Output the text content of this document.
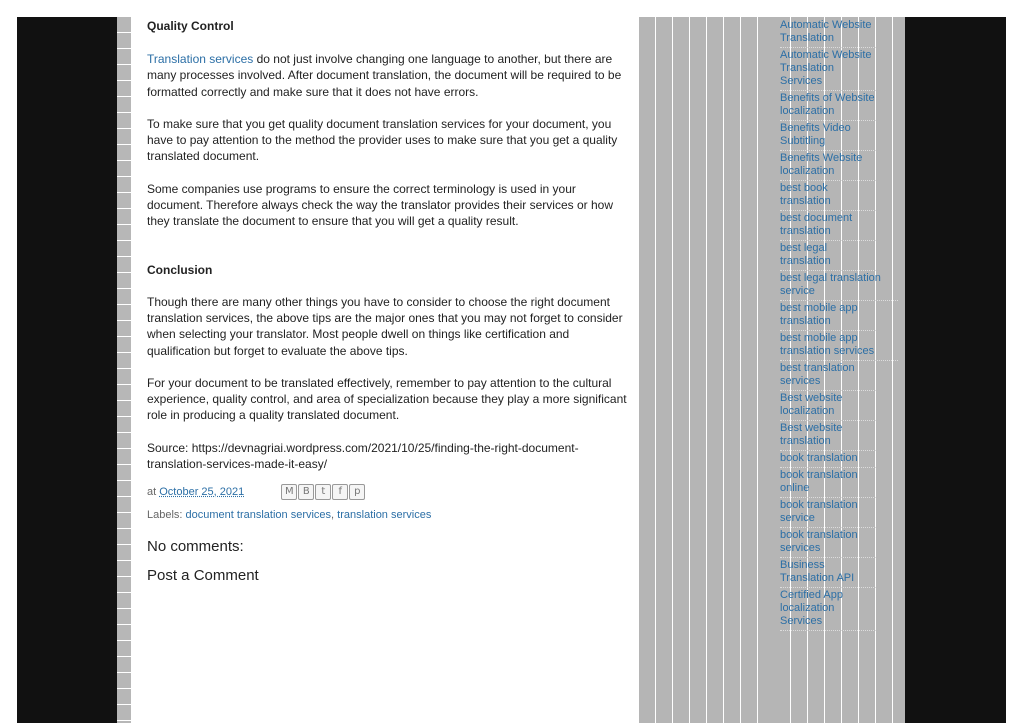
Quality Control

Translation services do not just involve changing one language to another, but there are many processes involved. After document translation, the document will be required to be formatted correctly and make sure that it does not have errors.

To make sure that you get quality document translation services for your document, you have to pay attention to the method the provider uses to make sure that you get a quality translated document.

Some companies use programs to ensure the correct terminology is used in your document. Therefore always check the way the translator provides their services or how they translate the document to ensure that you will get a quality result.

Conclusion

Though there are many other things you have to consider to choose the right document translation services, the above tips are the major ones that you may not forget to consider when selecting your translator. Most people dwell on things like certification and qualification but forget to evaluate the above tips.

For your document to be translated effectively, remember to pay attention to the cultural experience, quality control, and area of specialization because they play a more significant role in producing a quality translated document.

Source: https://devnagriai.wordpress.com/2021/10/25/finding-the-right-document-translation-services-made-it-easy/

at October 25, 2021	M B	t	f	p
Labels: document translation services, translation services
No comments:
Post a Comment
Automatic Website Translation
Automatic Website Translation Services
Benefits of Website localization
Benefits Video Subtitling
Benefits Website localization
best book translation
best document translation
best legal translation
best legal translation service
best mobile app translation
best mobile app translation services
best translation services
Best website localization
Best website translation
book translation
book translation online
book translation service
book translation services
Business Translation API
Certified App localization Services
